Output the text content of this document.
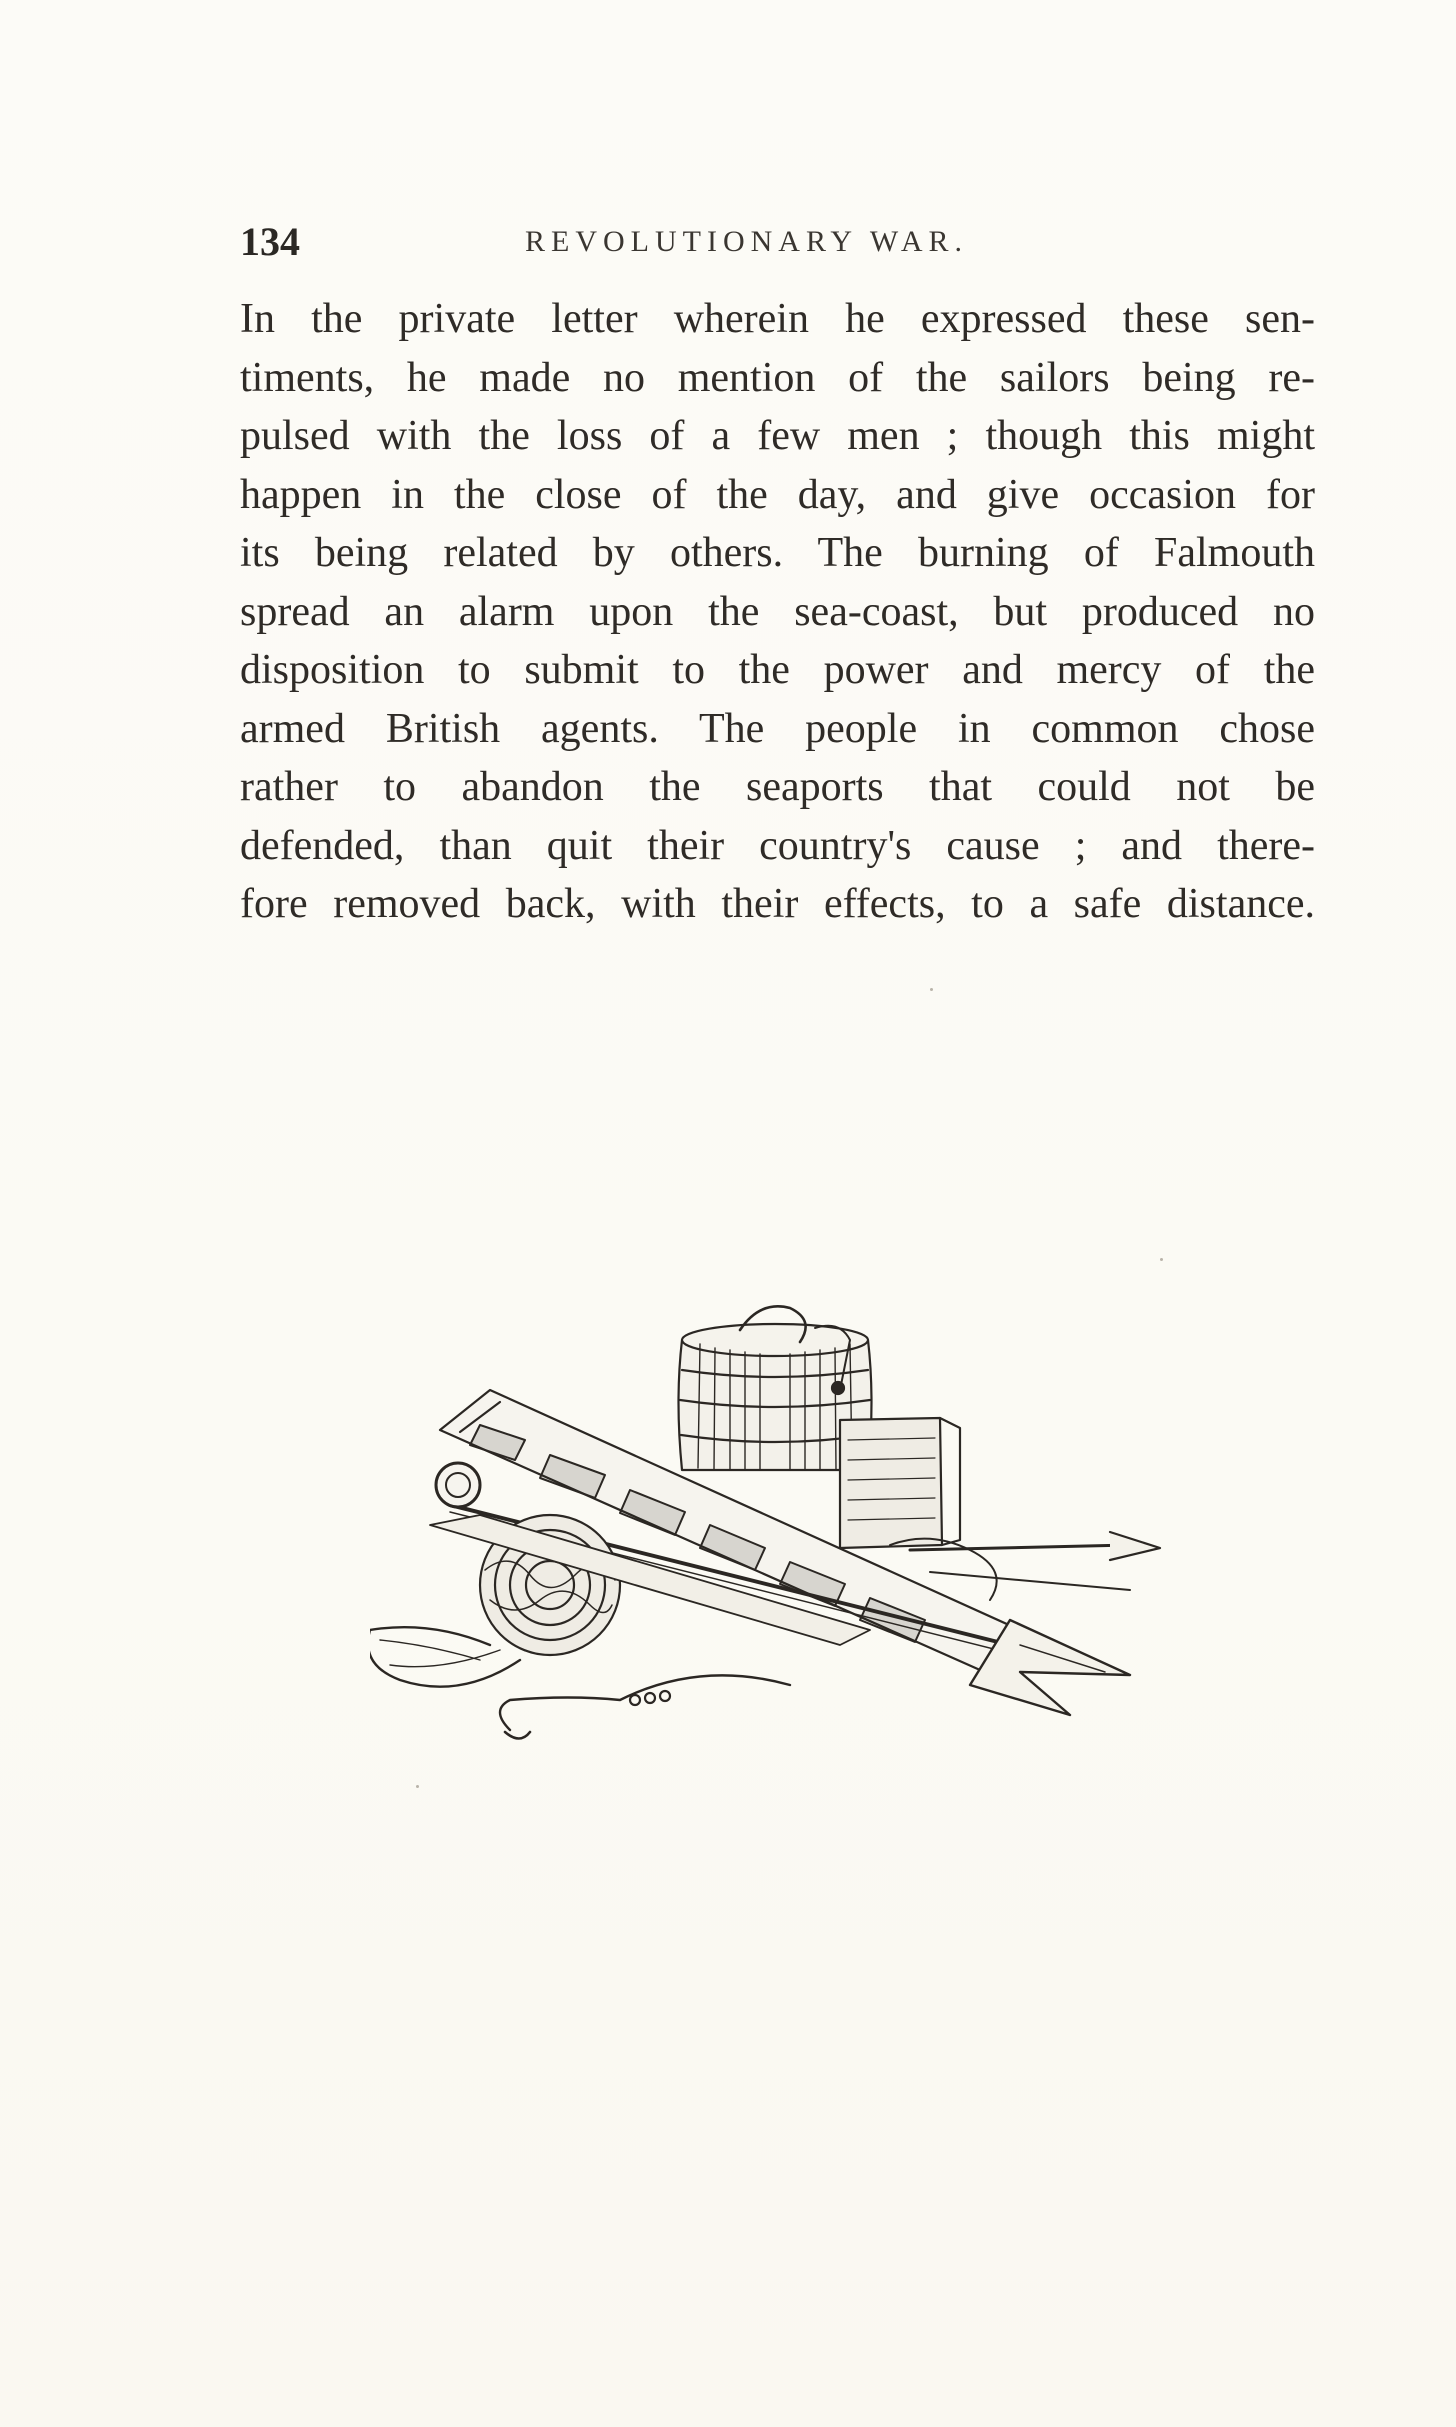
134	REVOLUTIONARY WAR.
In the private letter wherein he expressed these sen-
timents, he made no mention of the sailors being re-
pulsed with the loss of a few men ; though this might
happen in the close of the day, and give occasion for
its being related by others. The burning of Falmouth
spread an alarm upon the sea-coast, but produced no
disposition to submit to the power and mercy of the
armed British agents. The people in common chose
rather to abandon the seaports that could not be
defended, than quit their country's cause ; and there-
fore removed back, with their effects, to a safe distance.
